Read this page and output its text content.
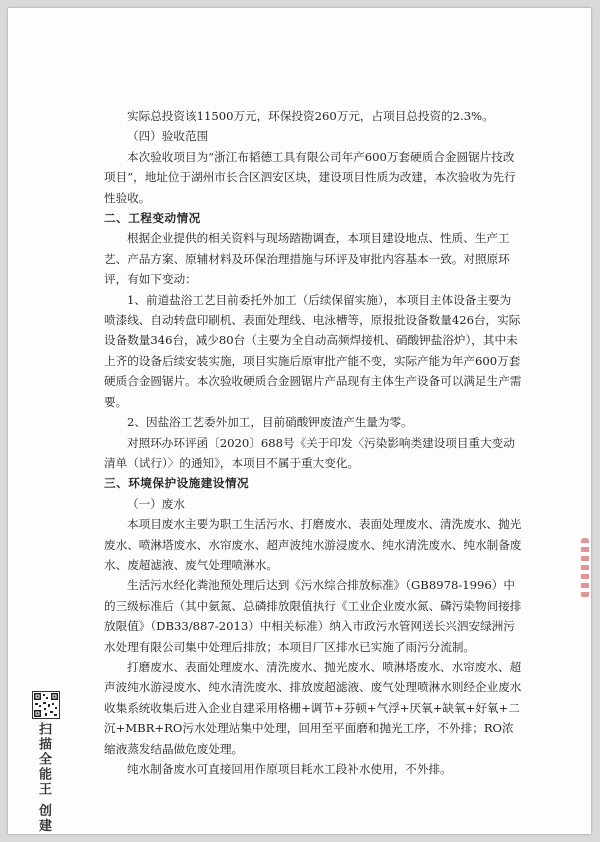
实际总投资该11500万元，环保投资260万元，占项目总投资的2.3%。

（四）验收范围

本次验收项目为“浙江布韬德工具有限公司年产600万套硬质合金圆锯片技改项目”，地址位于湖州市长合区泗安区块，建设项目性质为改建，本次验收为先行性验收。

二、工程变动情况

根据企业提供的相关资料与现场踏勘调查，本项目建设地点、性质、生产工艺、产品方案、原辅材料及环保治理措施与环评及审批内容基本一致。对照原环评，有如下变动：

1、前道盐浴工艺目前委托外加工（后续保留实施），本项目主体设备主要为喷漆线、自动转盘印刷机、表面处理线、电泳槽等，原报批设备数量426台，实际设备数量346台，减少80台（主要为全自动高频焊接机、硝酸钾盐浴炉），其中未上齐的设备后续安装实施，项目实施后原审批产能不变，实际产能为年产600万套硬质合金圆锯片。本次验收硬质合金圆锯片产品现有主体生产设备可以满足生产需要。

2、因盐浴工艺委外加工，目前硝酸钾废渣产生量为零。

对照环办环评函〔2020〕688号《关于印发〈污染影响类建设项目重大变动清单（试行）〉的通知》，本项目不属于重大变化。

三、环境保护设施建设情况

（一）废水

本项目废水主要为职工生活污水、打磨废水、表面处理废水、清洗废水、抛光废水、喷淋塔废水、水帘废水、超声波纯水游浸废水、纯水清洗废水、纯水制备废水、废超滤液、废气处理喷淋水。

生活污水经化粪池预处理后达到《污水综合排放标准》（GB8978-1996）中的三级标准后（其中氨氮、总磷排放限值执行《工业企业废水氮、磷污染物间接排放限值》（DB33/887-2013）中相关标准）纳入市政污水管网送长兴泗安绿洲污水处理有限公司集中处理后排放；本项目厂区排水已实施了雨污分流制。

打磨废水、表面处理废水、清洗废水、抛光废水、喷淋塔废水、水帘废水、超声波纯水游浸废水、纯水清洗废水、排放废超滤液、废气处理喷淋水则经企业废水收集系统收集后进入企业自建采用格栅+调节+芬顿+气浮+厌氧+缺氧+好氧+二沉+MBR+RO污水处理站集中处理，回用至平面磨和抛光工序，不外排；RO浓缩液蒸发结晶做危废处理。

纯水制备废水可直接回用作原项目耗水工段补水使用，不外排。

扫描全能王 创建
